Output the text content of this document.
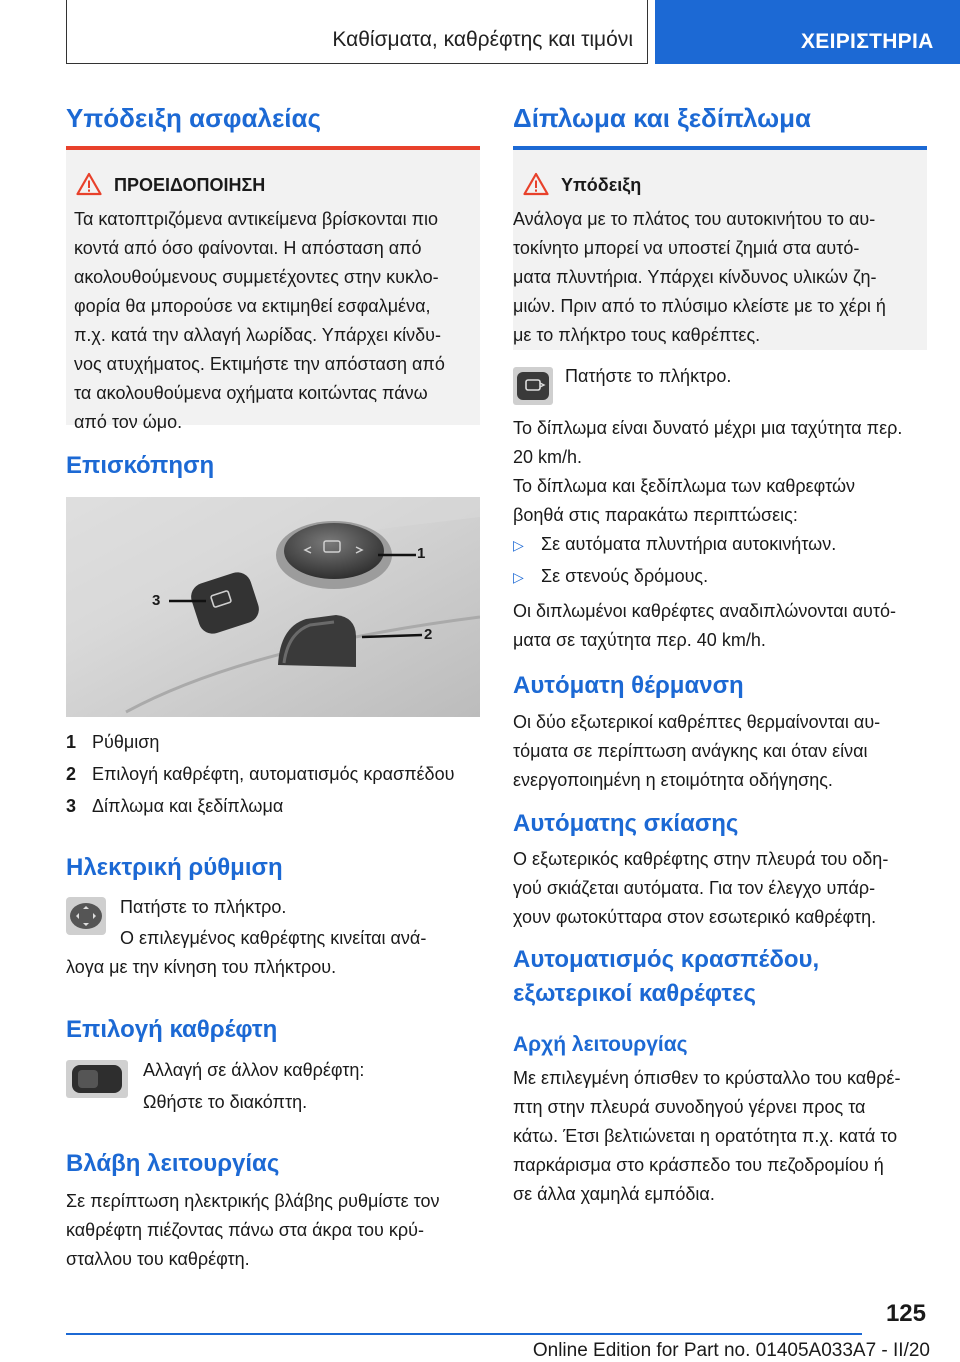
Καθίσματα, καθρέφτης και τιμόνι	ΧΕΙΡΙΣΤΗΡΙΑ
Υπόδειξη ασφαλείας
ΠΡΟΕΙΔΟΠΟΙΗΣΗ
Τα κατοπτριζόμενα αντικείμενα βρίσκονται πιο
κοντά από όσο φαίνονται. Η απόσταση από
ακολουθούμενους συμμετέχοντες στην κυκλο-
φορία θα μπορούσε να εκτιμηθεί εσφαλμένα,
π.χ. κατά την αλλαγή λωρίδας. Υπάρχει κίνδυ-
νος ατυχήματος. Εκτιμήστε την απόσταση από
τα ακολουθούμενα οχήματα κοιτώντας πάνω
από τον ώμο.
Επισκόπηση
1
2
3
1 Ρύθμιση
2 Επιλογή καθρέφτη, αυτοματισμός κρασπέδου
3 Δίπλωμα και ξεδίπλωμα
Ηλεκτρική ρύθμιση
Πατήστε το πλήκτρο.
Ο επιλεγμένος καθρέφτης κινείται ανά-
λογα με την κίνηση του πλήκτρου.
Επιλογή καθρέφτη
Αλλαγή σε άλλον καθρέφτη:
Ωθήστε το διακόπτη.
Βλάβη λειτουργίας
Σε περίπτωση ηλεκτρικής βλάβης ρυθμίστε τον
καθρέφτη πιέζοντας πάνω στα άκρα του κρύ-
σταλλου του καθρέφτη.
Δίπλωμα και ξεδίπλωμα
Υπόδειξη
Ανάλογα με το πλάτος του αυτοκινήτου το αυ-
τοκίνητο μπορεί να υποστεί ζημιά στα αυτό-
ματα πλυντήρια. Υπάρχει κίνδυνος υλικών ζη-
μιών. Πριν από το πλύσιμο κλείστε με το χέρι ή
με το πλήκτρο τους καθρέπτες.
Πατήστε το πλήκτρο.
Το δίπλωμα είναι δυνατό μέχρι μια ταχύτητα περ.
20 km/h.
Το δίπλωμα και ξεδίπλωμα των καθρεφτών
βοηθά στις παρακάτω περιπτώσεις:
▷ Σε αυτόματα πλυντήρια αυτοκινήτων.
▷ Σε στενούς δρόμους.
Οι διπλωμένοι καθρέφτες αναδιπλώνονται αυτό-
ματα σε ταχύτητα περ. 40 km/h.
Αυτόματη θέρμανση
Οι δύο εξωτερικοί καθρέπτες θερμαίνονται αυ-
τόματα σε περίπτωση ανάγκης και όταν είναι
ενεργοποιημένη η ετοιμότητα οδήγησης.
Αυτόματης σκίασης
Ο εξωτερικός καθρέφτης στην πλευρά του οδη-
γού σκιάζεται αυτόματα. Για τον έλεγχο υπάρ-
χουν φωτοκύτταρα στον εσωτερικό καθρέφτη.
Αυτοματισμός κρασπέδου,
εξωτερικοί καθρέφτες
Αρχή λειτουργίας
Με επιλεγμένη όπισθεν το κρύσταλλο του καθρέ-
πτη στην πλευρά συνοδηγού γέρνει προς τα
κάτω. Έτσι βελτιώνεται η ορατότητα π.χ. κατά το
παρκάρισμα στο κράσπεδο του πεζοδρομίου ή
σε άλλα χαμηλά εμπόδια.
125
Online Edition for Part no. 01405A033A7 - II/20
